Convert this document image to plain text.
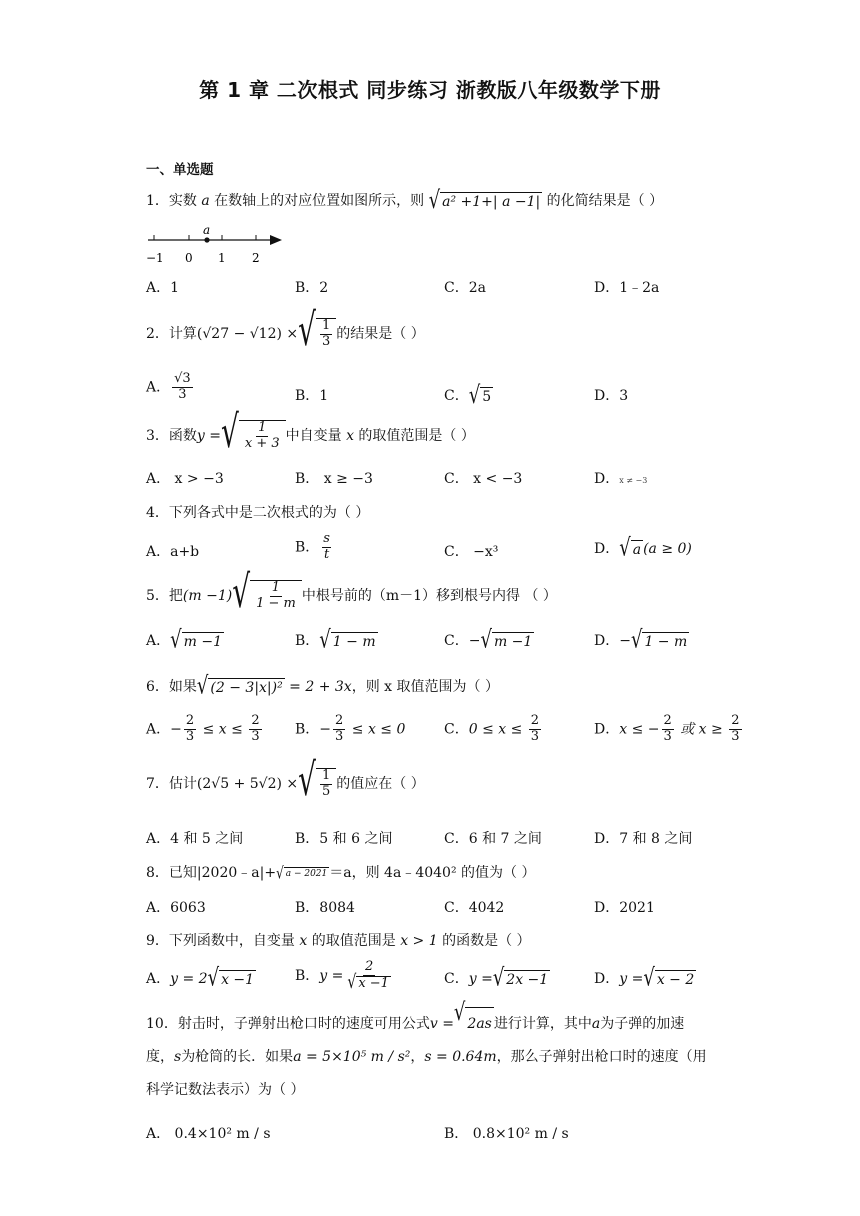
第 1 章 二次根式 同步练习 浙教版八年级数学下册
一、单选题
1．实数 a 在数轴上的对应位置如图所示，则 √ a² +1+| a −1| 的化简结果是（ ）
a
−1 0 1 2
A．1	B．2	C．2a	D．1﹣2a
2．计算(√27 − √12) × √ $\frac{1}{3}$ 的结果是（ ）
A． $\frac{√3}{3}$	B．1	C． √ 5	D．3
3．函数y = √ $\frac{1}{x + 3}$ 中自变量 x 的取值范围是（ ）
A． x > −3	B． x ≥ −3	C． x < −3	D．x ≠ −3
4．下列各式中是二次根式的为（ ）
A．a+b	B． $\frac{s}{t}$	C． −x³	D． √ a (a ≥ 0)
5．把(m −1) √ $\frac{1}{1 - m}$ 中根号前的（m－1）移到根号内得 （ ）
A． √ m −1	B． √ 1 − m	C．− √ m −1	D．− √ 1 − m
6．如果 √ (2 − 3|x|)² = 2 + 3x，则 x 取值范围为（ ）
A．− $\frac{2}{3} \le x \le \frac{2}{3}$ B．− $\frac{2}{3} \le x \le 0$	C．$0 \le x \le \frac{2}{3}$	D．x ≤ − $\frac{2}{3}$ 或 $x \ge \frac{2}{3}$
7．估计(2√5 + 5√2) × √ $\frac{1}{5}$ 的值应在（ ）
A．4 和 5 之间	B．5 和 6 之间	C．6 和 7 之间	D．7 和 8 之间
8．已知|2020﹣a|+ √ a − 2021 ＝a，则 4a﹣4040² 的值为（ ）
A．6063	B．8084	C．4042	D．2021
9．下列函数中，自变量 x 的取值范围是 x > 1 的函数是（ ）
A．y = 2 √ x −1	B．$y = \frac{2}{√ x -1}$	C．y = √ 2x −1	D．y = √ x − 2
10．射击时，子弹射出枪口时的速度可用公式v = √ 2as 进行计算，其中a为子弹的加速
度，s为枪筒的长．如果a = 5×10⁵ m / s²，s = 0.64m，那么子弹射出枪口时的速度（用
科学记数法表示）为（ ）
A． 0.4×10² m / s	B． 0.8×10² m / s
